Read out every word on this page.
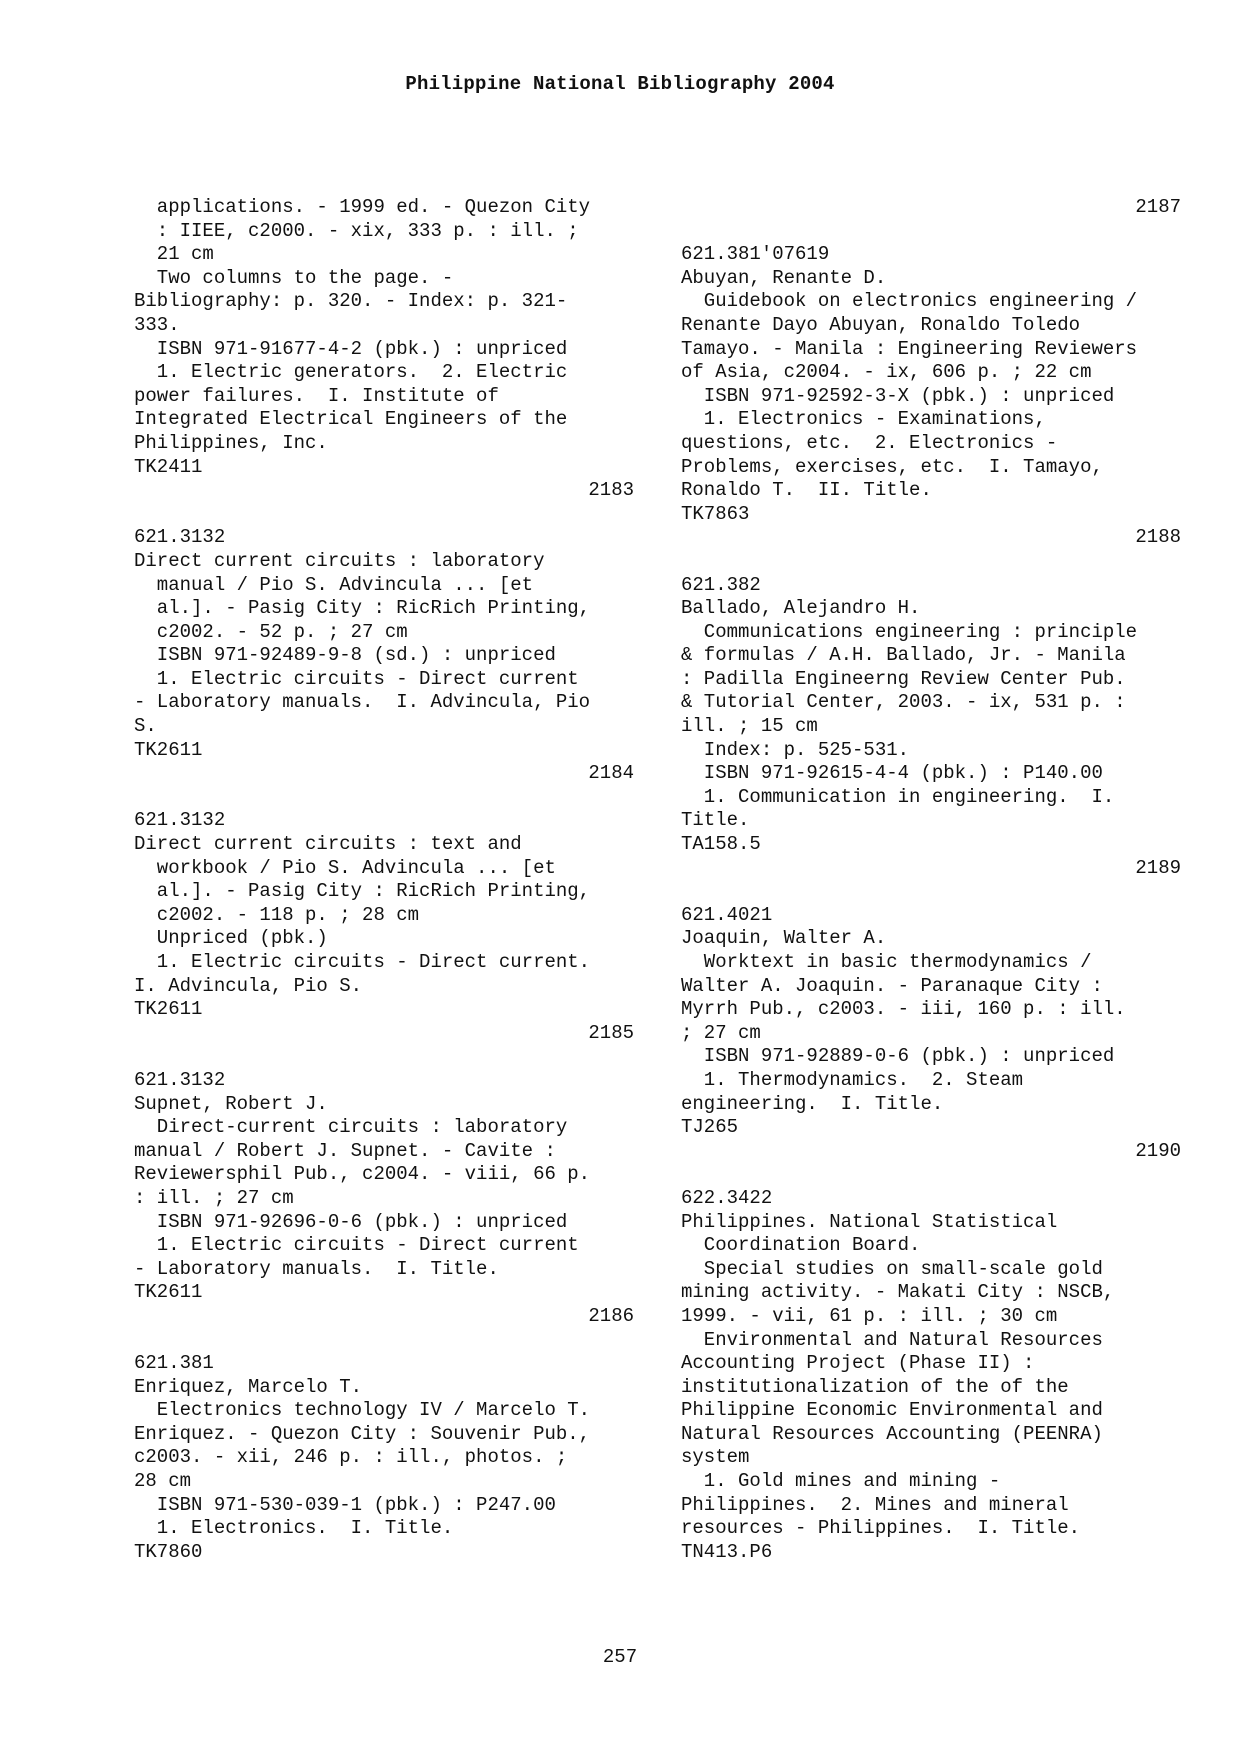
Philippine National Bibliography 2004
applications. - 1999 ed. - Quezon City
: IIEE, c2000. - xix, 333 p. : ill. ;
21 cm
Two columns to the page. -
Bibliography: p. 320. - Index: p. 321-
333.
ISBN 971-91677-4-2 (pbk.) : unpriced
1. Electric generators.  2. Electric
power failures.  I. Institute of
Integrated Electrical Engineers of the
Philippines, Inc.
TK2411
2183
621.3132
Direct current circuits : laboratory
manual / Pio S. Advincula ... [et
al.]. - Pasig City : RicRich Printing,
c2002. - 52 p. ; 27 cm
ISBN 971-92489-9-8 (sd.) : unpriced
1. Electric circuits - Direct current
- Laboratory manuals.  I. Advincula, Pio
S.
TK2611
2184
621.3132
Direct current circuits : text and
workbook / Pio S. Advincula ... [et
al.]. - Pasig City : RicRich Printing,
c2002. - 118 p. ; 28 cm
Unpriced (pbk.)
1. Electric circuits - Direct current.
I. Advincula, Pio S.
TK2611
2185
621.3132
Supnet, Robert J.
Direct-current circuits : laboratory
manual / Robert J. Supnet. - Cavite :
Reviewersphil Pub., c2004. - viii, 66 p.
: ill. ; 27 cm
ISBN 971-92696-0-6 (pbk.) : unpriced
1. Electric circuits - Direct current
- Laboratory manuals.  I. Title.
TK2611
2186
621.381
Enriquez, Marcelo T.
Electronics technology IV / Marcelo T.
Enriquez. - Quezon City : Souvenir Pub.,
c2003. - xii, 246 p. : ill., photos. ;
28 cm
ISBN 971-530-039-1 (pbk.) : P247.00
1. Electronics.  I. Title.
TK7860
2187
621.381'07619
Abuyan, Renante D.
Guidebook on electronics engineering /
Renante Dayo Abuyan, Ronaldo Toledo
Tamayo. - Manila : Engineering Reviewers
of Asia, c2004. - ix, 606 p. ; 22 cm
ISBN 971-92592-3-X (pbk.) : unpriced
1. Electronics - Examinations,
questions, etc.  2. Electronics -
Problems, exercises, etc.  I. Tamayo,
Ronaldo T.  II. Title.
TK7863
2188
621.382
Ballado, Alejandro H.
Communications engineering : principle
& formulas / A.H. Ballado, Jr. - Manila
: Padilla Engineerng Review Center Pub.
& Tutorial Center, 2003. - ix, 531 p. :
ill. ; 15 cm
Index: p. 525-531.
ISBN 971-92615-4-4 (pbk.) : P140.00
1. Communication in engineering.  I.
Title.
TA158.5
2189
621.4021
Joaquin, Walter A.
Worktext in basic thermodynamics /
Walter A. Joaquin. - Paranaque City :
Myrrh Pub., c2003. - iii, 160 p. : ill.
; 27 cm
ISBN 971-92889-0-6 (pbk.) : unpriced
1. Thermodynamics.  2. Steam
engineering.  I. Title.
TJ265
2190
622.3422
Philippines. National Statistical
Coordination Board.
Special studies on small-scale gold
mining activity. - Makati City : NSCB,
1999. - vii, 61 p. : ill. ; 30 cm
Environmental and Natural Resources
Accounting Project (Phase II) :
institutionalization of the of the
Philippine Economic Environmental and
Natural Resources Accounting (PEENRA)
system
1. Gold mines and mining -
Philippines.  2. Mines and mineral
resources - Philippines.  I. Title.
TN413.P6
257
